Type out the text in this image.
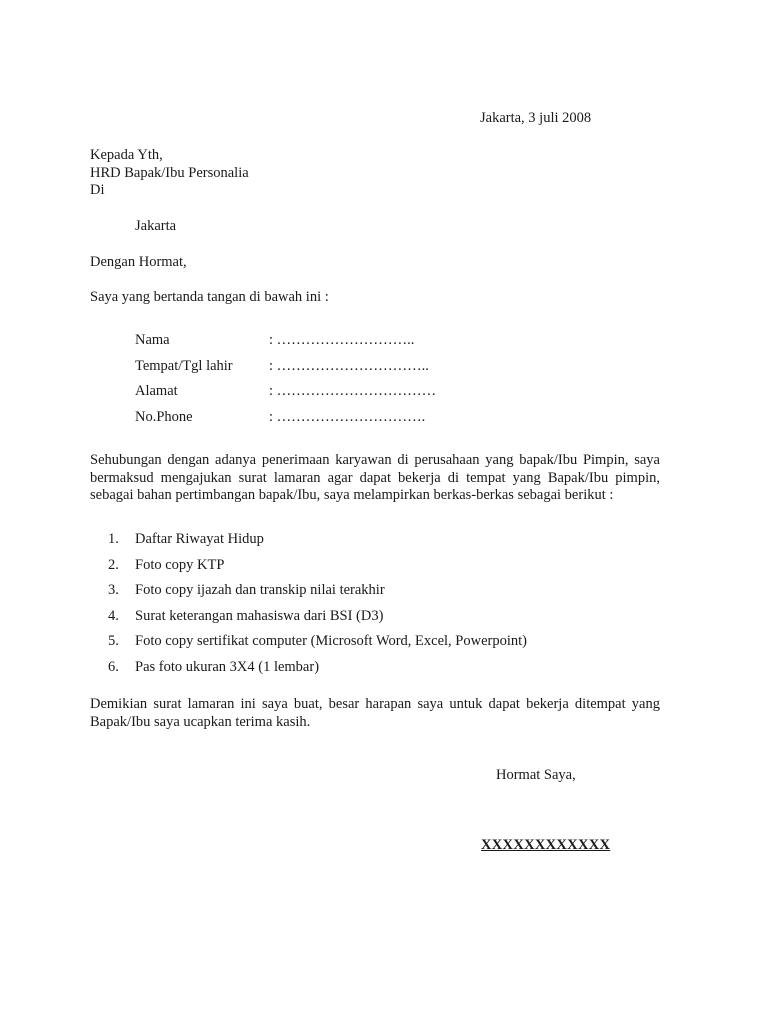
Jakarta, 3 juli 2008
Kepada Yth,
HRD Bapak/Ibu Personalia
Di
Jakarta
Dengan Hormat,
Saya yang bertanda tangan di bawah ini :
Nama	: ………………………..
Tempat/Tgl lahir	: …………………………..
Alamat	: ……………………………
No.Phone	: ………………………….
Sehubungan dengan adanya penerimaan karyawan di perusahaan yang bapak/Ibu Pimpin, saya bermaksud mengajukan surat lamaran agar dapat bekerja di tempat yang Bapak/Ibu pimpin, sebagai bahan pertimbangan bapak/Ibu, saya melampirkan berkas-berkas sebagai berikut :
1.	Daftar Riwayat Hidup
2.	Foto copy KTP
3.	Foto copy ijazah dan transkip nilai terakhir
4.	Surat keterangan mahasiswa dari BSI (D3)
5.	Foto copy sertifikat computer (Microsoft Word, Excel, Powerpoint)
6.	Pas foto ukuran 3X4 (1 lembar)
Demikian surat lamaran ini saya buat, besar harapan saya untuk dapat bekerja ditempat yang Bapak/Ibu saya ucapkan terima kasih.
Hormat Saya,
XXXXXXXXXXXX
